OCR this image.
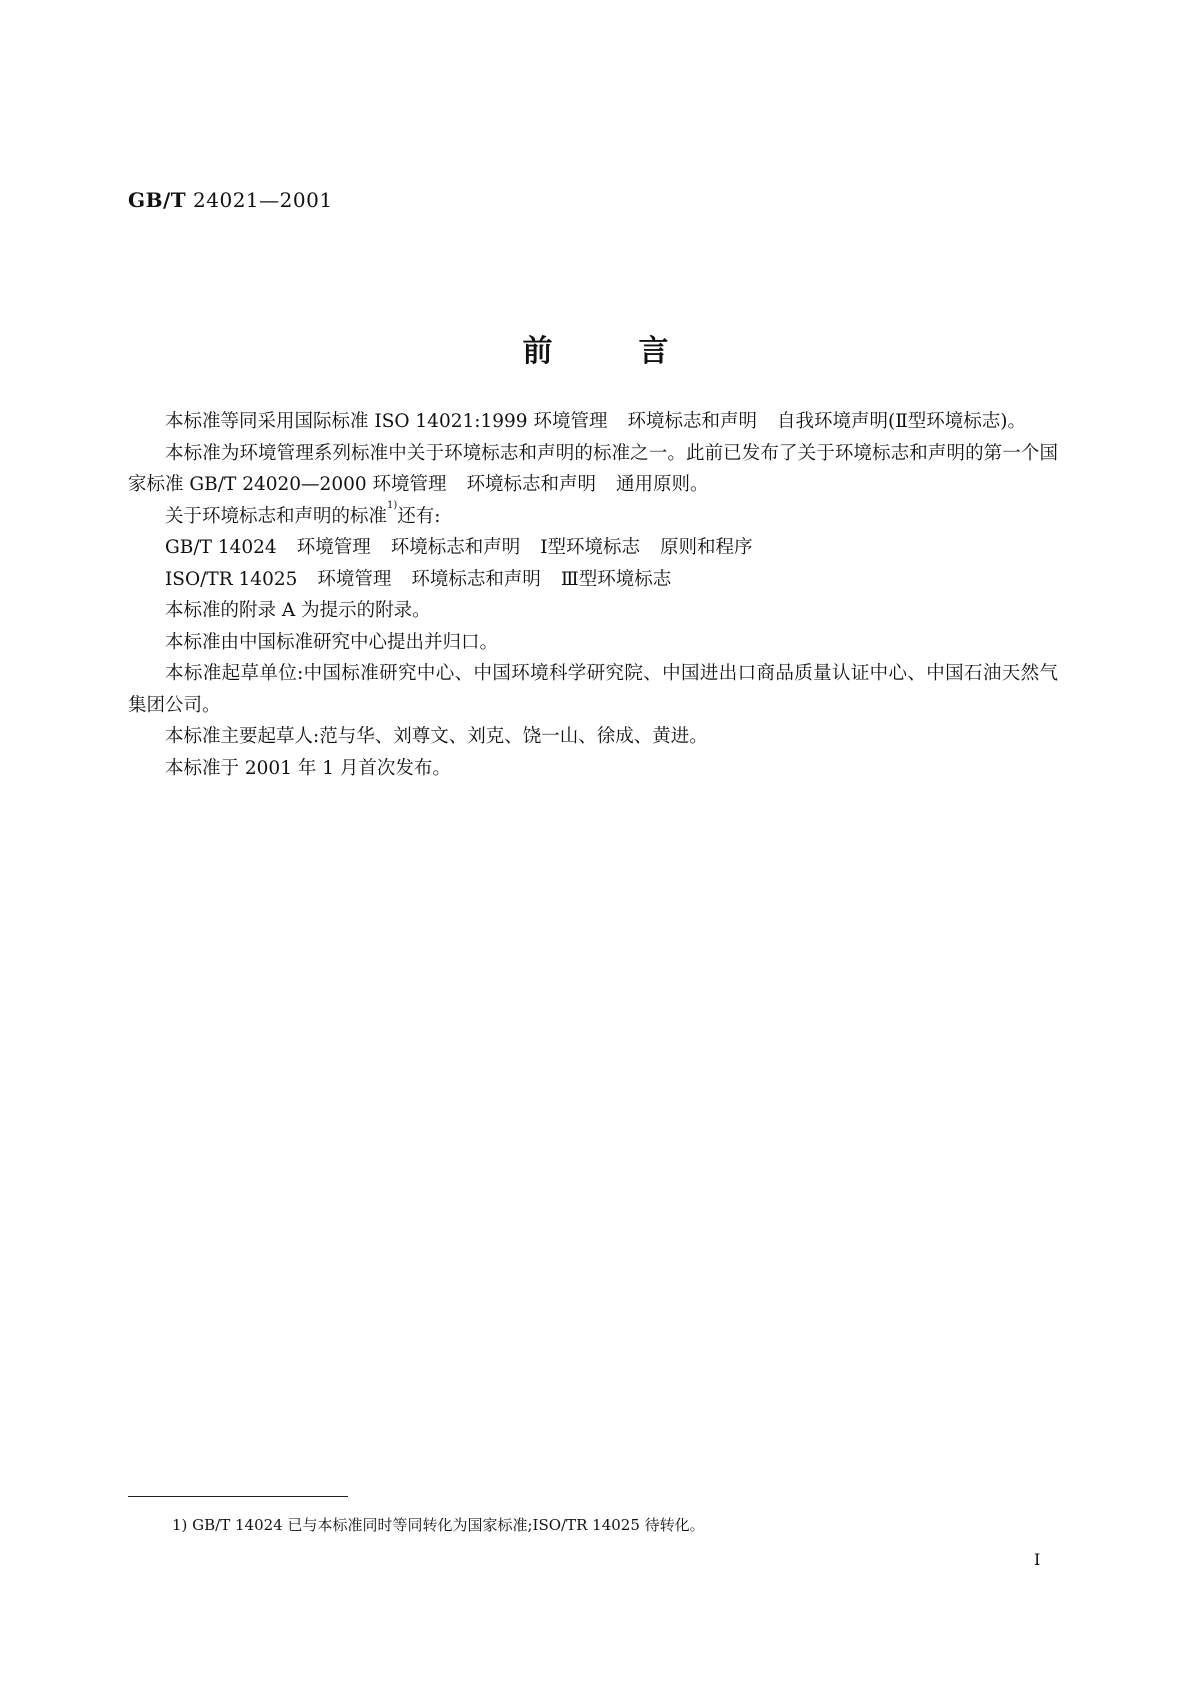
GB/T 24021—2001
前言

本标准等同采用国际标准 ISO 14021:1999 环境管理 环境标志和声明 自我环境声明(Ⅱ型环境标志)。

本标准为环境管理系列标准中关于环境标志和声明的标准之一。此前已发布了关于环境标志和声明的第一个国家标准 GB/T 24020—2000 环境管理 环境标志和声明 通用原则。

关于环境标志和声明的标准$^{1)}$还有:

GB/T 14024 环境管理 环境标志和声明 Ⅰ型环境标志 原则和程序

ISO/TR 14025 环境管理 环境标志和声明 Ⅲ型环境标志

本标准的附录 A 为提示的附录。

本标准由中国标准研究中心提出并归口。

本标准起草单位:中国标准研究中心、中国环境科学研究院、中国进出口商品质量认证中心、中国石油天然气集团公司。

本标准主要起草人:范与华、刘尊文、刘克、饶一山、徐成、黄进。

本标准于 2001 年 1 月首次发布。

1) GB/T 14024 已与本标准同时等同转化为国家标准;ISO/TR 14025 待转化。
I
